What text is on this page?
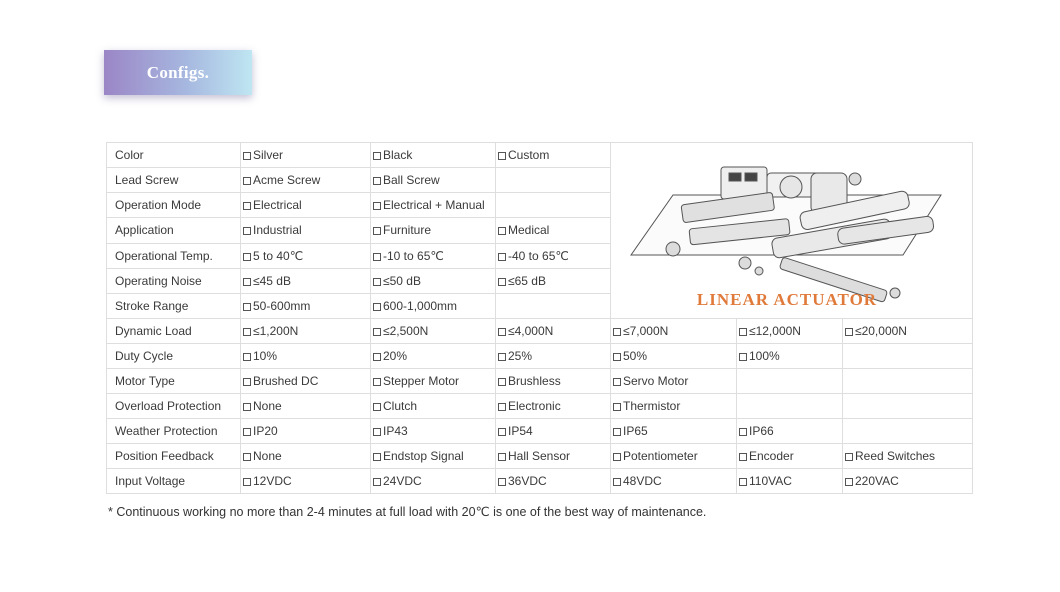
Configs.
Color	Silver	Black	Custom	LINEAR ACTUATOR		

Lead Screw	Acme Screw	Ball Screw				
Operation Mode	Electrical	Electrical + Manual				
Application	Industrial	Furniture	Medical			
Operational Temp.	5 to 40℃	-10 to 65℃	-40 to 65℃			
Operating Noise	≤45 dB	≤50 dB	≤65 dB			
Stroke Range	50-600mm	600-1,000mm				
Dynamic Load	≤1,200N	≤2,500N	≤4,000N	≤7,000N	≤12,000N	≤20,000N
Duty Cycle	10%	20%	25%	50%	100%	
Motor Type	Brushed DC	Stepper Motor	Brushless	Servo Motor		
Overload Protection	None	Clutch	Electronic	Thermistor		
Weather Protection	IP20	IP43	IP54	IP65	IP66	
Position Feedback	None	Endstop Signal	Hall Sensor	Potentiometer	Encoder	Reed Switches
Input Voltage	12VDC	24VDC	36VDC	48VDC	110VAC	220VAC
* Continuous working no more than 2-4 minutes at full load with 20℃ is one of the best way of maintenance.
